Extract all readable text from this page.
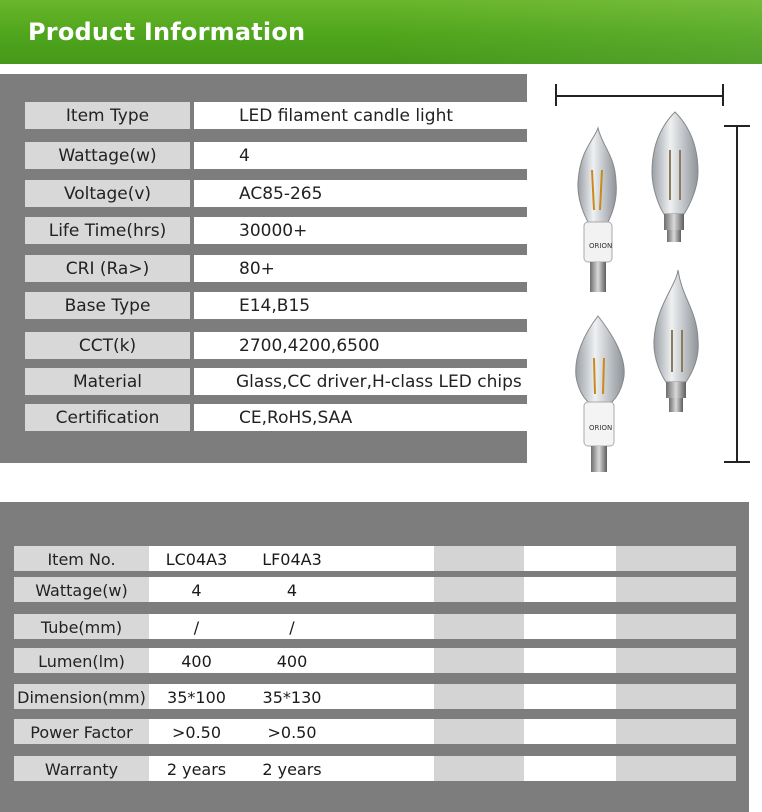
Product Information
Item Type	LED filament candle light
Wattage(w)	4
Voltage(v)	AC85-265
Life Time(hrs)	30000+
CRI (Ra>)	80+
Base Type	E14,B15
CCT(k)	2700,4200,6500
Material	Glass,CC driver,H-class LED chips
Certification	CE,RoHS,SAA
ORION
ORION
Item No.	LC04A3	LF04A3
Wattage(w)	4	4
Tube(mm)	/	/
Lumen(lm)	400	400
Dimension(mm)	35*100	35*130
Power Factor	>0.50	>0.50
Warranty	2 years	2 years
